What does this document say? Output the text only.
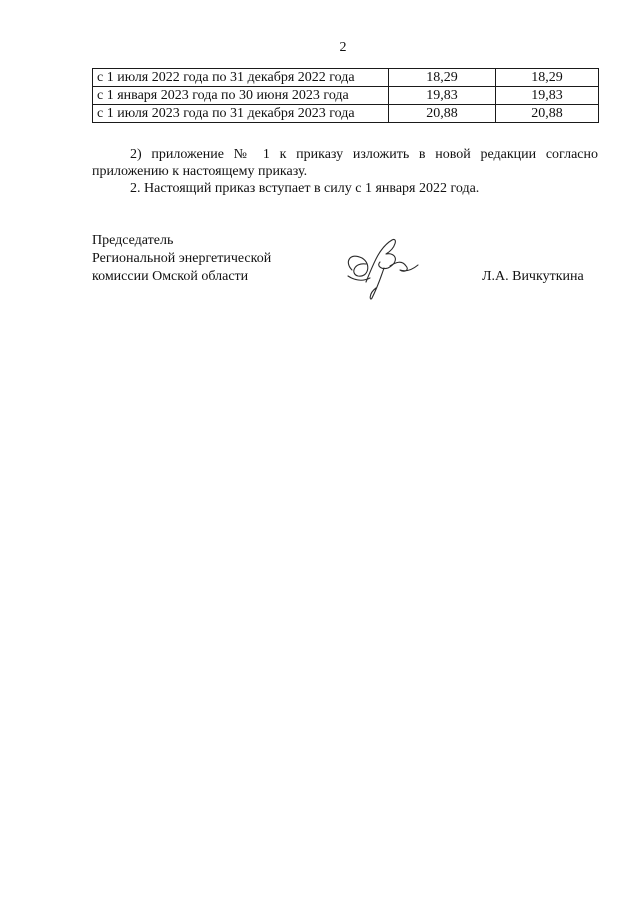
2
с 1 июля 2022 года по 31 декабря 2022 года	18,29	18,29
с 1 января 2023 года по 30 июня 2023 года	19,83	19,83
с 1 июля 2023 года по 31 декабря 2023 года	20,88	20,88

2) приложение № 1 к приказу изложить в новой редакции согласно приложению к настоящему приказу.

2. Настоящий приказ вступает в силу с 1 января 2022 года.

Председатель
Региональной энергетической
комиссии Омской области	Л.А. Вичкуткина
